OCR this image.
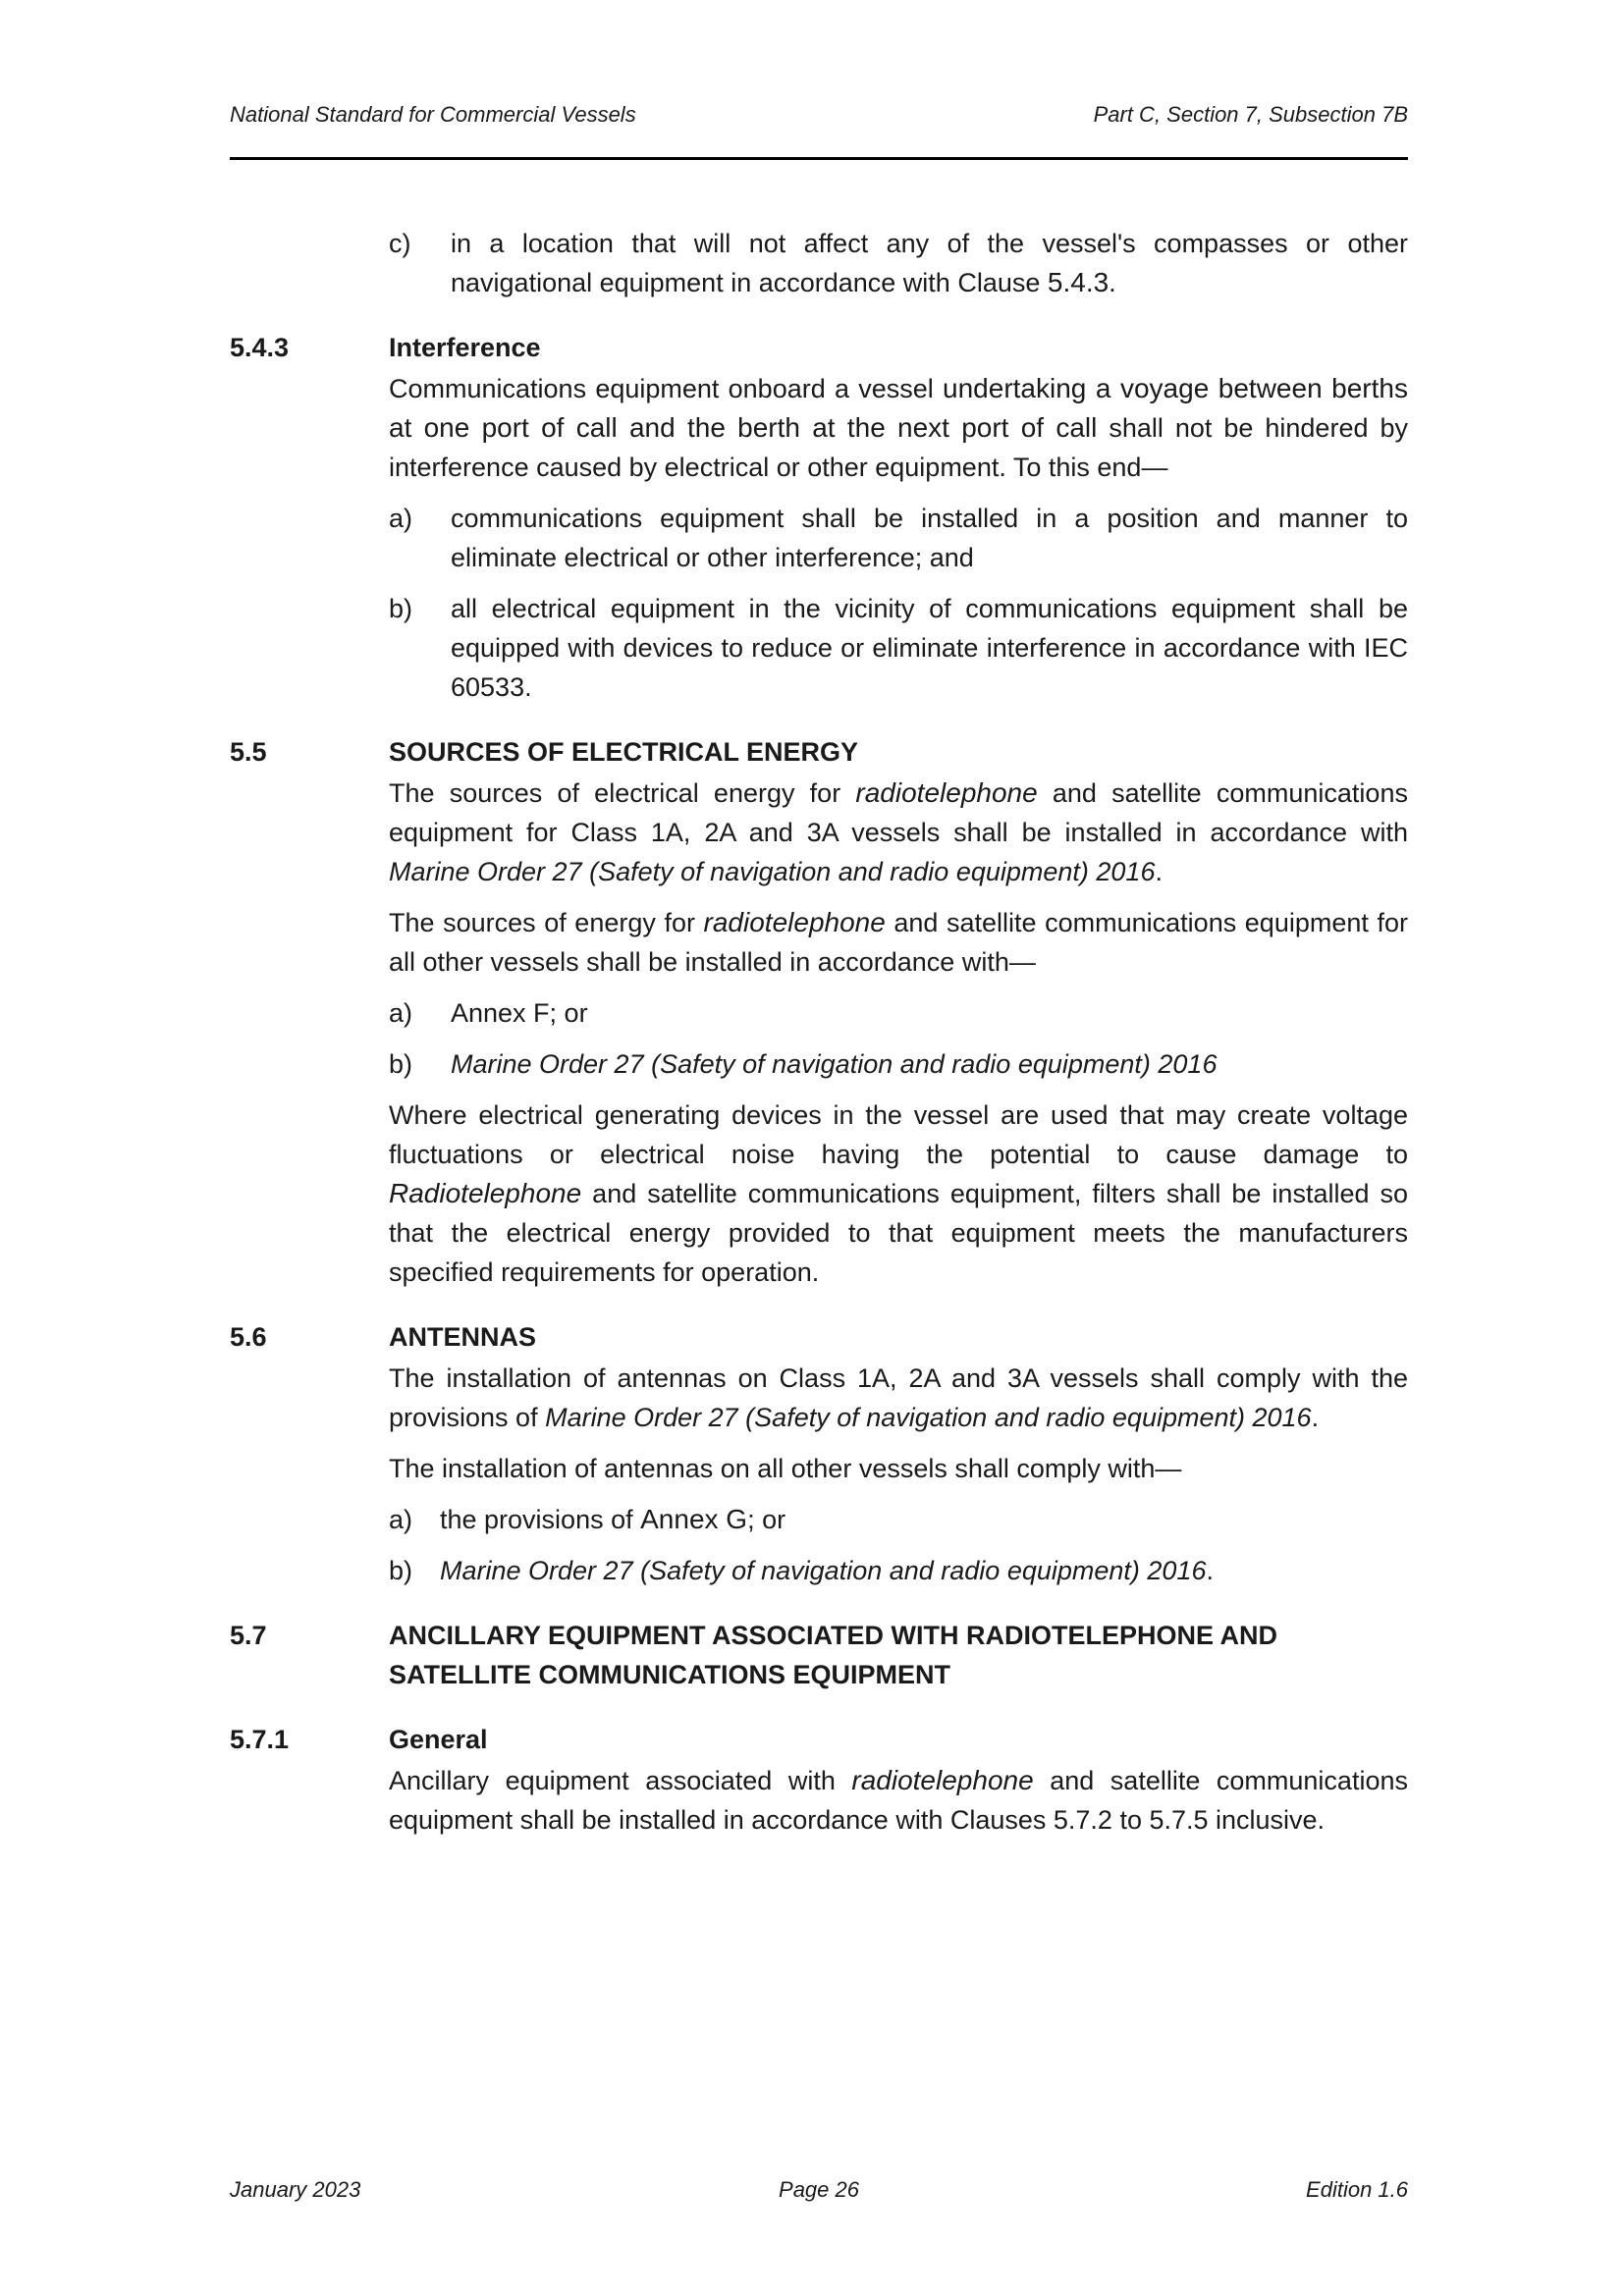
National Standard for Commercial Vessels	Part C, Section 7, Subsection 7B
c) in a location that will not affect any of the vessel's compasses or other navigational equipment in accordance with Clause 5.4.3.
5.4.3	Interference
Communications equipment onboard a vessel undertaking a voyage between berths at one port of call and the berth at the next port of call shall not be hindered by interference caused by electrical or other equipment. To this end—
a) communications equipment shall be installed in a position and manner to eliminate electrical or other interference; and
b) all electrical equipment in the vicinity of communications equipment shall be equipped with devices to reduce or eliminate interference in accordance with IEC 60533.
5.5	SOURCES OF ELECTRICAL ENERGY
The sources of electrical energy for radiotelephone and satellite communications equipment for Class 1A, 2A and 3A vessels shall be installed in accordance with Marine Order 27 (Safety of navigation and radio equipment) 2016.
The sources of energy for radiotelephone and satellite communications equipment for all other vessels shall be installed in accordance with—
a) Annex F; or
b) Marine Order 27 (Safety of navigation and radio equipment) 2016
Where electrical generating devices in the vessel are used that may create voltage fluctuations or electrical noise having the potential to cause damage to Radiotelephone and satellite communications equipment, filters shall be installed so that the electrical energy provided to that equipment meets the manufacturers specified requirements for operation.
5.6	ANTENNAS
The installation of antennas on Class 1A, 2A and 3A vessels shall comply with the provisions of Marine Order 27 (Safety of navigation and radio equipment) 2016.
The installation of antennas on all other vessels shall comply with—
a) the provisions of Annex G; or
b) Marine Order 27 (Safety of navigation and radio equipment) 2016.
5.7	ANCILLARY EQUIPMENT ASSOCIATED WITH RADIOTELEPHONE AND SATELLITE COMMUNICATIONS EQUIPMENT
5.7.1	General
Ancillary equipment associated with radiotelephone and satellite communications equipment shall be installed in accordance with Clauses 5.7.2 to 5.7.5 inclusive.
January 2023	Page 26	Edition 1.6
